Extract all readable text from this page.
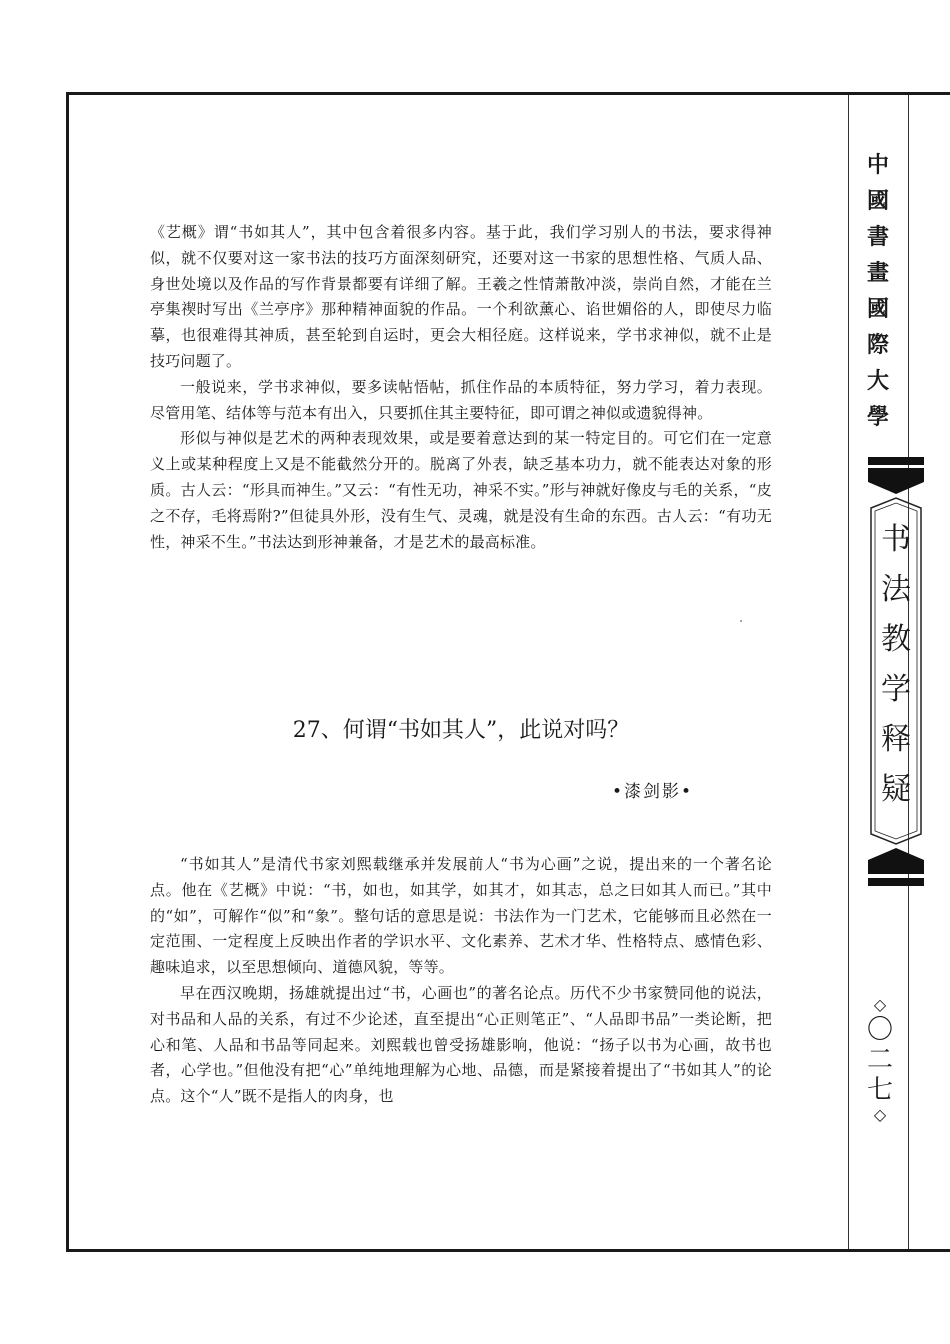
中
國
書
畫
國
際
大
學
书
法
教
学
释
疑
◇
〇
二
七
◇

《艺概》谓“书如其人”，其中包含着很多内容。基于此，我们学习别人的书法，要求得神似，就不仅要对这一家书法的技巧方面深刻研究，还要对这一书家的思想性格、气质人品、身世处境以及作品的写作背景都要有详细了解。王羲之性情萧散冲淡，崇尚自然，才能在兰亭集禊时写出《兰亭序》那种精神面貌的作品。一个利欲薰心、谄世媚俗的人，即使尽力临摹，也很难得其神质，甚至轮到自运时，更会大相径庭。这样说来，学书求神似，就不止是技巧问题了。

一般说来，学书求神似，要多读帖悟帖，抓住作品的本质特征，努力学习，着力表现。尽管用笔、结体等与范本有出入，只要抓住其主要特征，即可谓之神似或遗貌得神。

形似与神似是艺术的两种表现效果，或是要着意达到的某一特定目的。可它们在一定意义上或某种程度上又是不能截然分开的。脱离了外表，缺乏基本功力，就不能表达对象的形质。古人云：“形具而神生。”又云：“有性无功，神采不实。”形与神就好像皮与毛的关系，“皮之不存，毛将焉附?”但徒具外形，没有生气、灵魂，就是没有生命的东西。古人云：“有功无性，神采不生。”书法达到形神兼备，才是艺术的最高标准。

27、何谓“书如其人”，此说对吗？
•漆剑影•

“书如其人”是清代书家刘熙载继承并发展前人“书为心画”之说，提出来的一个著名论点。他在《艺概》中说：“书，如也，如其学，如其才，如其志，总之曰如其人而已。”其中的“如”，可解作“似”和“象”。整句话的意思是说：书法作为一门艺术，它能够而且必然在一定范围、一定程度上反映出作者的学识水平、文化素养、艺术才华、性格特点、感情色彩、趣味追求，以至思想倾向、道德风貌，等等。

早在西汉晚期，扬雄就提出过“书，心画也”的著名论点。历代不少书家赞同他的说法，对书品和人品的关系，有过不少论述，直至提出“心正则笔正”、“人品即书品”一类论断，把心和笔、人品和书品等同起来。刘熙载也曾受扬雄影响，他说：“扬子以书为心画，故书也者，心学也。”但他没有把“心”单纯地理解为心地、品德，而是紧接着提出了“书如其人”的论点。这个“人”既不是指人的肉身，也
